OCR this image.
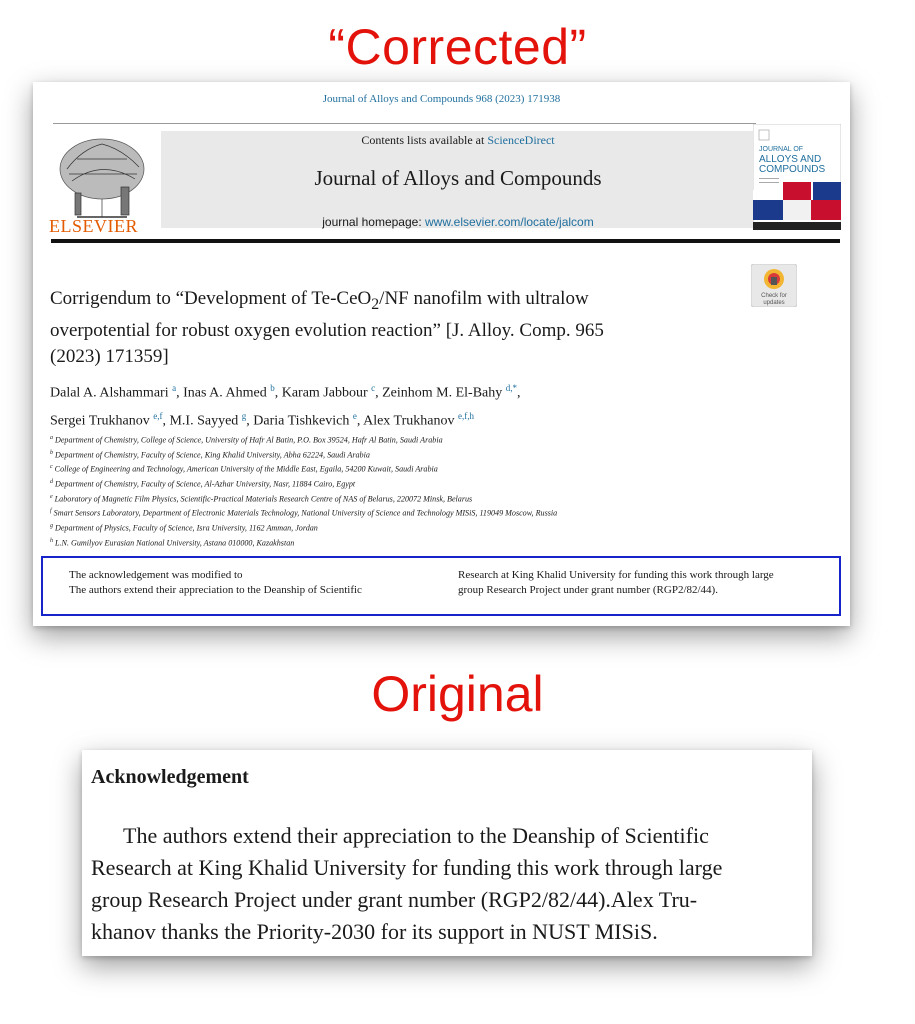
“Corrected”
Journal of Alloys and Compounds 968 (2023) 171938
ELSEVIER
Contents lists available at ScienceDirect
Journal of Alloys and Compounds
journal homepage: www.elsevier.com/locate/jalcom
JOURNAL OF
ALLOYS AND
COMPOUNDS
Check for
updates
Corrigendum to “Development of Te-CeO$_2$/NF nanofilm with ultralow
overpotential for robust oxygen evolution reaction” [J. Alloy. Comp. 965
(2023) 171359]
Dalal A. Alshammari $^a$, Inas A. Ahmed $^b$, Karam Jabbour $^c$, Zeinhom M. El-Bahy $^{d,*}$,
Sergei Trukhanov $^{e,f}$, M.I. Sayyed $^g$, Daria Tishkevich $^e$, Alex Trukhanov $^{e,f,h}$
$^a$ Department of Chemistry, College of Science, University of Hafr Al Batin, P.O. Box 39524, Hafr Al Batin, Saudi Arabia
$^b$ Department of Chemistry, Faculty of Science, King Khalid University, Abha 62224, Saudi Arabia
$^c$ College of Engineering and Technology, American University of the Middle East, Egaila, 54200 Kuwait, Saudi Arabia
$^d$ Department of Chemistry, Faculty of Science, Al-Azhar University, Nasr, 11884 Cairo, Egypt
$^e$ Laboratory of Magnetic Film Physics, Scientific-Practical Materials Research Centre of NAS of Belarus, 220072 Minsk, Belarus
$^f$ Smart Sensors Laboratory, Department of Electronic Materials Technology, National University of Science and Technology MISiS, 119049 Moscow, Russia
$^g$ Department of Physics, Faculty of Science, Isra University, 1162 Amman, Jordan
$^h$ L.N. Gumilyov Eurasian National University, Astana 010000, Kazakhstan
The acknowledgement was modified to
The authors extend their appreciation to the Deanship of Scientific
Research at King Khalid University for funding this work through large
group Research Project under grant number (RGP2/82/44).
Original
Acknowledgement
The authors extend their appreciation to the Deanship of Scientific
Research at King Khalid University for funding this work through large
group Research Project under grant number (RGP2/82/44).Alex Tru-
khanov thanks the Priority-2030 for its support in NUST MISiS.
